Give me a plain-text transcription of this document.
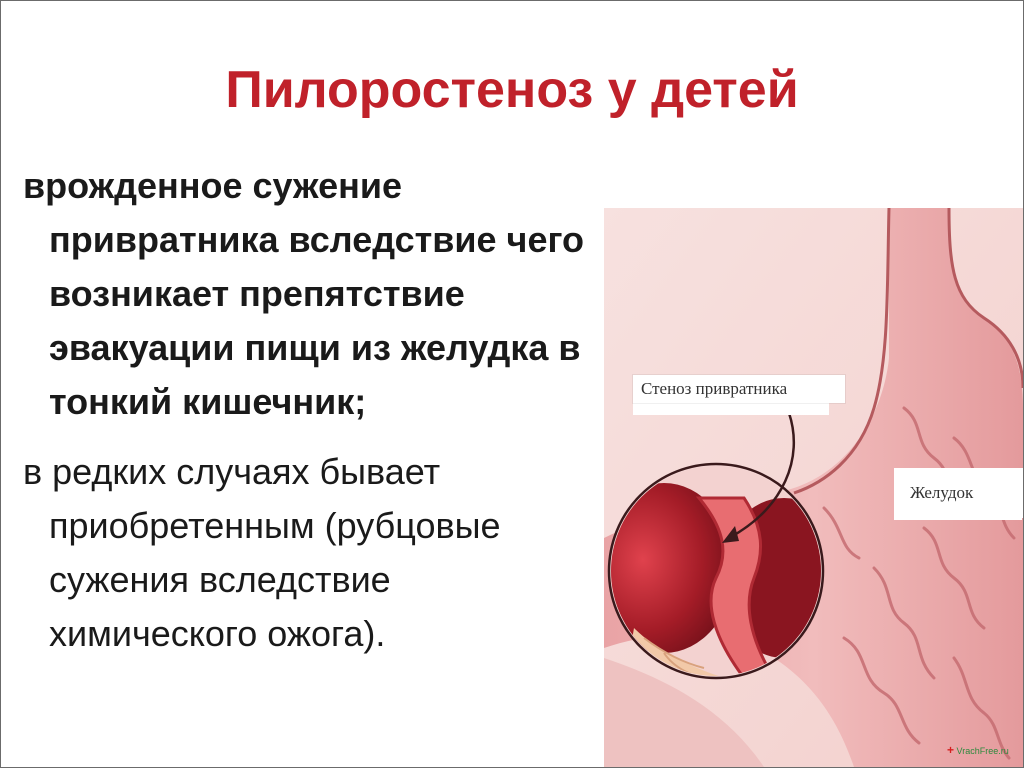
Пилоростеноз у детей
врожденное сужение привратника вследствие чего возникает препятствие эвакуации пищи из желудка в тонкий кишечник;
в редких случаях бывает приобретенным (рубцовые сужения вследствие химического ожога).
Стеноз привратника
Желудок
+ VrachFree.ru
